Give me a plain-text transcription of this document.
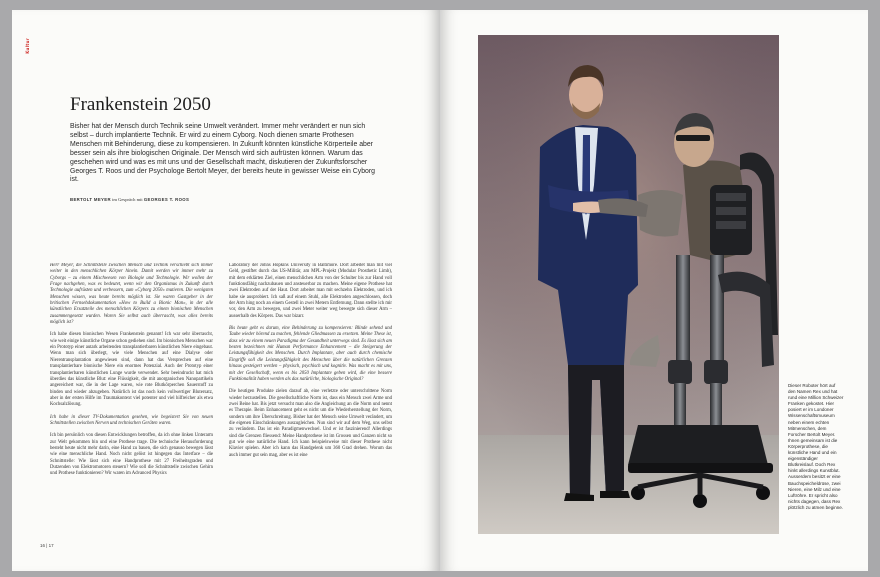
Kultur
Frankenstein 2050

Bisher hat der Mensch durch Technik seine Umwelt verändert. Immer mehr verändert er nun sich selbst – durch implantierte Technik. Er wird zu einem Cyborg. Noch dienen smarte Prothesen Menschen mit Behinderung, diese zu kompensieren. In Zukunft könnten künstliche Körperteile aber besser sein als ihre biologischen Originale. Der Mensch wird sich aufrüsten können. Warum das geschehen wird und was es mit uns und der Gesellschaft macht, diskutieren der Zukunftsforscher Georges T. Roos und der Psychologe Bertolt Meyer, der bereits heute in gewisser Weise ein Cyborg ist.

BERTOLT MEYER im Gespräch mit GEORGES T. ROOS

Herr Meyer, die Schnittstelle zwischen Mensch und Technik verschiebt sich immer weiter in den menschlichen Körper hinein. Damit werden wir immer mehr zu Cyborgs – zu einem Mischwesen von Biologie und Technologie. Wir wollen der Frage nachgehen, was es bedeutet, wenn wir den Organismus in Zukunft durch Technologie aufrüsten und verbessern, zum »Cyborg 2050« mutieren. Die wenigsten Menschen wissen, was heute bereits möglich ist. Sie waren Gastgeber in der britischen Fernsehdokumentation »How to Build a Bionic Man«, in der alle künstlichen Ersatzteile des menschlichen Körpers zu einem bionischen Menschen zusammengesetzt wurden. Waren Sie selbst auch überrascht, was alles bereits möglich ist?

Ich habe diesen bionischen Wesen Frankenstein genannt! Ich war sehr überrascht, wie weit einige künstliche Organe schon gediehen sind. Im bionischen Menschen war ein Prototyp einer autark arbeitenden transplantierbaren künstlichen Niere eingebaut. Wenn man sich überlegt, wie viele Menschen auf eine Dialyse oder Nierentransplantation angewiesen sind, dann hat das Versprechen auf eine transplantierbare bionische Niere ein enormes Potenzial. Auch der Prototyp einer transplantierbaren künstlichen Lunge wurde verwendet. Sehr beeindruckt hat mich überdies das künstliche Blut: eine Flüssigkeit, die mit anorganischen Nanopartikeln angereichert war, die in der Lage waren, wie rote Blutkörperchen Sauerstoff zu binden und wieder abzugeben. Natürlich ist das noch kein vollwertiger Blutersatz, aber in der ersten Hilfe im Traumakontext viel potenter und viel hilfreicher als etwa Kochsalzlösung.

Ich habe in dieser TV-Dokumentation gesehen, wie begeistert Sie von neuen Schnittstellen zwischen Nerven und technischen Geräten waren.

Ich bin persönlich von diesen Entwicklungen betroffen, da ich ohne linken Unterarm zur Welt gekommen bin und eine Prothese trage. Die technische Herausforderung besteht heute nicht mehr darin, eine Hand zu bauen, die sich genauso bewegen lässt wie eine menschliche Hand. Noch nicht gelöst ist hingegen das Interface – die Schnittstelle: Wie lässt sich eine Handprothese mit 27 Freiheitsgraden und Dutzenden von Elektromotoren steuern? Wie soll die Schnittstelle zwischen Gehirn und Prothese funktionieren? Wir waren im Advanced Physics

Laboratory der Johns Hopkins University in Baltimore. Dort arbeitet man mit viel Geld, gestiftet durch das US-Militär, am MPL-Projekt (Modular Prosthetic Limb), mit dem erklärten Ziel, einen menschlichen Arm von der Schulter bis zur Hand voll funktionsfähig nachzubauen und ansteuerbar zu machen. Meine eigene Prothese hat zwei Elektroden auf der Haut. Dort arbeitet man mit sechzehn Elektroden, und ich habe sie ausprobiert. Ich saß auf einem Stuhl, alle Elektroden angeschlossen, doch der Arm hing noch an einem Gestell in zwei Metern Entfernung. Dann stellte ich mir vor, den Arm zu bewegen, und zwei Meter weiter weg bewegte sich dieser Arm – ausserhalb des Körpers. Das war bizarr.

Bis heute geht es darum, eine Behinderung zu kompensieren: Blinde sehend und Taube wieder hörend zu machen, fehlende Gliedmassen zu ersetzen. Meine These ist, dass wir zu einem neuen Paradigma der Gesundheit unterwegs sind. Es lässt sich am besten bezeichnen mit Human Performance Enhancement – die Steigerung der Leistungsfähigkeit des Menschen. Durch Implantate, aber auch durch chemische Eingriffe soll die Leistungsfähigkeit des Menschen über die natürlichen Grenzen hinaus gesteigert werden – physisch, psychisch und kognitiv. Was macht es mit uns, mit der Gesellschaft, wenn es bis 2050 Implantate geben wird, die eine bessere Funktionalität haben werden als das natürliche, biologische Original?

Die heutigen Produkte zielen darauf ab, eine verletzte oder unterschrittene Norm wieder herzustellen. Die gesellschaftliche Norm ist, dass ein Mensch zwei Arme und zwei Beine hat. Bis jetzt versucht man also die Angleichung an die Norm und nennt es Therapie. Beim Enhancement geht es nicht um die Wiederherstellung der Norm, sondern um ihre Überschreitung. Bisher hat der Mensch seine Umwelt verändert, um die eigenen Einschränkungen auszugleichen. Nun sind wir auf dem Weg, uns selbst zu verändern. Das ist ein Paradigmenwechsel. Und er ist faszinierend! Allerdings sind die Grenzen fliessend: Meine Handprothese ist im Grossen und Ganzen nicht so gut wie eine natürliche Hand. Ich kann beispielsweise mit dieser Prothese nicht Klavier spielen. Aber ich kann das Handgelenk um 360 Grad drehen. Worum das auch immer gut sein mag, aber es ist eine

16 | 17

Dieser Roboter hört auf den Namen Rex und hat rund eine Million Schweizer Franken gekostet. Hier posiert er im Londoner Wissenschaftsmuseum neben einem echten Mitmenschen, dem Forscher Bertolt Meyer. Ihnen gemeinsam ist die Körperprothese, die künstliche Hand und ein eigenständiger Blutkreislauf. Doch Rex hinkt allerdings Kunstblut. Ausserdem besitzt er eine Bauchspeicheldrüse, zwei Nieren, eine Milz und eine Luftröhre. Er spricht also nichts dagegen, dass Rex plötzlich zu atmen beginne.
